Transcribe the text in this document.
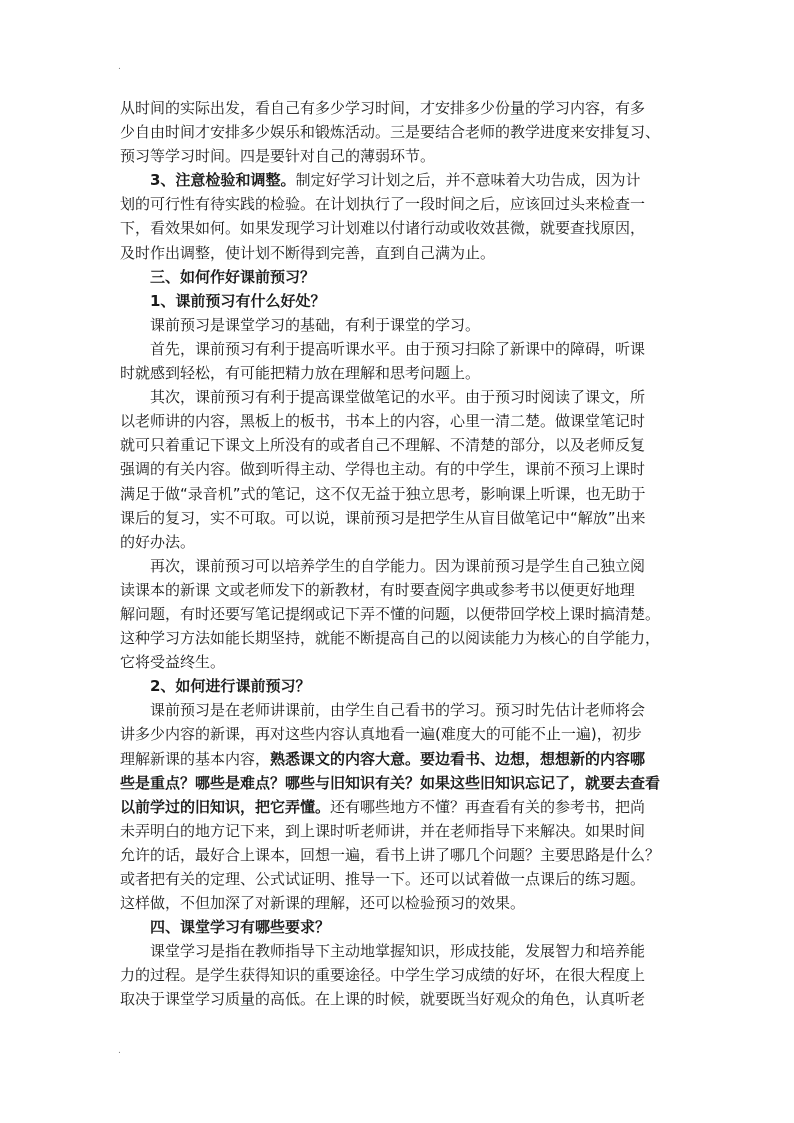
.
从时间的实际出发，看自己有多少学习时间，才安排多少份量的学习内容，有多
少自由时间才安排多少娱乐和锻炼活动。三是要结合老师的教学进度来安排复习、
预习等学习时间。四是要针对自己的薄弱环节。
3、注意检验和调整。制定好学习计划之后，并不意味着大功告成，因为计
划的可行性有待实践的检验。在计划执行了一段时间之后，应该回过头来检查一
下，看效果如何。如果发现学习计划难以付诸行动或收效甚微，就要查找原因，
及时作出调整，使计划不断得到完善，直到自己满为止。
三、如何作好课前预习？
1、课前预习有什么好处？
课前预习是课堂学习的基础，有利于课堂的学习。
首先，课前预习有利于提高听课水平。由于预习扫除了新课中的障碍，听课
时就感到轻松，有可能把精力放在理解和思考问题上。
其次，课前预习有利于提高课堂做笔记的水平。由于预习时阅读了课文，所
以老师讲的内容，黑板上的板书，书本上的内容，心里一清二楚。做课堂笔记时
就可只着重记下课文上所没有的或者自己不理解、不清楚的部分，以及老师反复
强调的有关内容。做到听得主动、学得也主动。有的中学生，课前不预习上课时
满足于做“录音机”式的笔记，这不仅无益于独立思考，影响课上听课，也无助于
课后的复习，实不可取。可以说，课前预习是把学生从盲目做笔记中“解放”出来
的好办法。
再次，课前预习可以培养学生的自学能力。因为课前预习是学生自己独立阅
读课本的新课 文或老师发下的新教材，有时要查阅字典或参考书以便更好地理
解问题，有时还要写笔记提纲或记下弄不懂的问题，以便带回学校上课时搞清楚。
这种学习方法如能长期坚持，就能不断提高自己的以阅读能力为核心的自学能力，
它将受益终生。
2、如何进行课前预习？
课前预习是在老师讲课前，由学生自己看书的学习。预习时先估计老师将会
讲多少内容的新课，再对这些内容认真地看一遍(难度大的可能不止一遍)，初步
理解新课的基本内容，熟悉课文的内容大意。要边看书、边想，想想新的内容哪
些是重点？哪些是难点？哪些与旧知识有关？如果这些旧知识忘记了，就要去查看
以前学过的旧知识，把它弄懂。还有哪些地方不懂？再查看有关的参考书，把尚
未弄明白的地方记下来，到上课时听老师讲，并在老师指导下来解决。如果时间
允许的话，最好合上课本，回想一遍，看书上讲了哪几个问题？主要思路是什么？
或者把有关的定理、公式试证明、推导一下。还可以试着做一点课后的练习题。
这样做，不但加深了对新课的理解，还可以检验预习的效果。
四、课堂学习有哪些要求？
课堂学习是指在教师指导下主动地掌握知识，形成技能，发展智力和培养能
力的过程。是学生获得知识的重要途径。中学生学习成绩的好坏，在很大程度上
取决于课堂学习质量的高低。在上课的时候，就要既当好观众的角色，认真听老
.
